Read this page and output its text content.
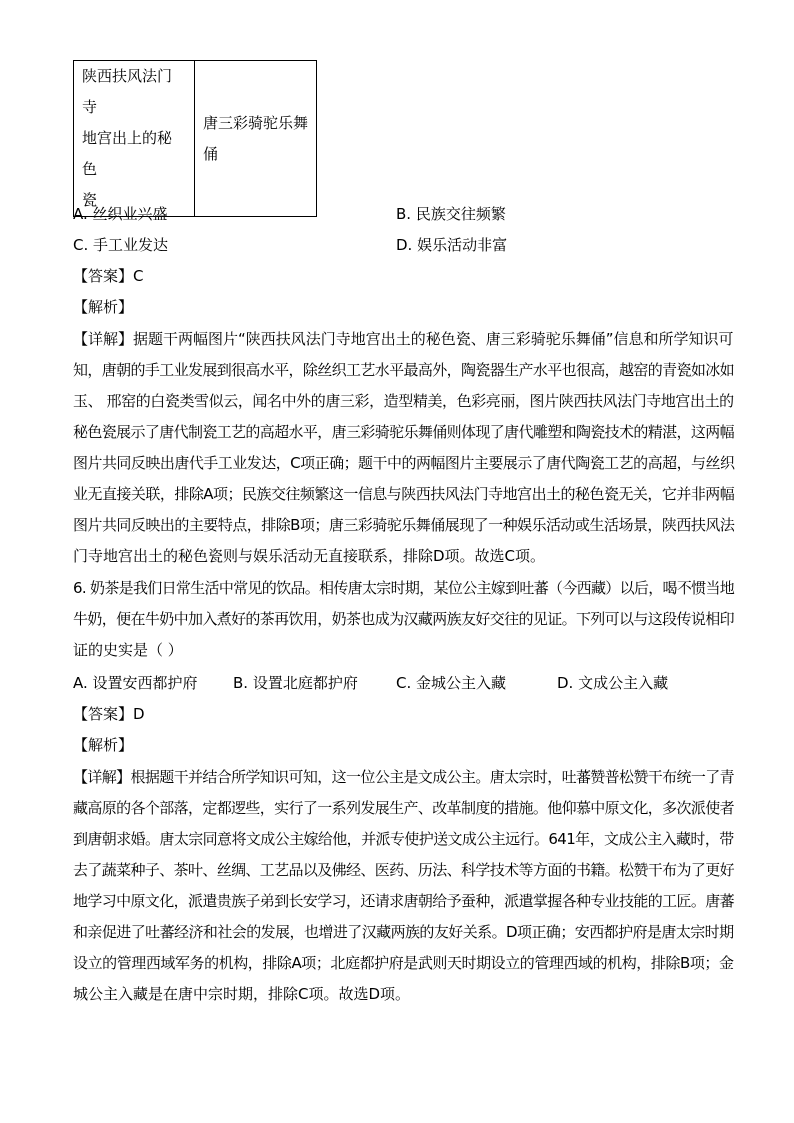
陕西扶风法门寺
地宫出上的秘色
瓷

唐三彩骑驼乐舞
俑
A. 丝织业兴盛	B. 民族交往频繁
C. 手工业发达	D. 娱乐活动非富
【答案】C
【解析】
【详解】据题干两幅图片“陕西扶风法门寺地宫出土的秘色瓷、唐三彩骑驼乐舞俑”信息和所学知识可
知，唐朝的手工业发展到很高水平，除丝织工艺水平最高外，陶瓷器生产水平也很高，越窑的青瓷如冰如
玉、 邢窑的白瓷类雪似云，闻名中外的唐三彩，造型精美，色彩亮丽，图片陕西扶风法门寺地宫出土的
秘色瓷展示了唐代制瓷工艺的高超水平，唐三彩骑驼乐舞俑则体现了唐代雕塑和陶瓷技术的精湛，这两幅
图片共同反映出唐代手工业发达，C项正确；题干中的两幅图片主要展示了唐代陶瓷工艺的高超，与丝织
业无直接关联，排除A项；民族交往频繁这一信息与陕西扶风法门寺地宫出土的秘色瓷无关，它并非两幅
图片共同反映出的主要特点，排除B项；唐三彩骑驼乐舞俑展现了一种娱乐活动或生活场景，陕西扶风法
门寺地宫出土的秘色瓷则与娱乐活动无直接联系，排除D项。故选C项。
6. 奶茶是我们日常生活中常见的饮品。相传唐太宗时期，某位公主嫁到吐蕃（今西藏）以后，喝不惯当地
牛奶，便在牛奶中加入煮好的茶再饮用，奶茶也成为汉藏两族友好交往的见证。下列可以与这段传说相印
证的史实是（ ）
A. 设置安西都护府 B. 设置北庭都护府	C. 金城公主入藏	D. 文成公主入藏
【答案】D
【解析】
【详解】根据题干并结合所学知识可知，这一位公主是文成公主。唐太宗时，吐蕃赞普松赞干布统一了青
藏高原的各个部落，定都逻些，实行了一系列发展生产、改革制度的措施。他仰慕中原文化，多次派使者
到唐朝求婚。唐太宗同意将文成公主嫁给他，并派专使护送文成公主远行。641年，文成公主入藏时，带
去了蔬菜种子、茶叶、丝绸、工艺品以及佛经、医药、历法、科学技术等方面的书籍。松赞干布为了更好
地学习中原文化，派遣贵族子弟到长安学习，还请求唐朝给予蚕种，派遣掌握各种专业技能的工匠。唐蕃
和亲促进了吐蕃经济和社会的发展，也增进了汉藏两族的友好关系。D项正确；安西都护府是唐太宗时期
设立的管理西域军务的机构，排除A项；北庭都护府是武则天时期设立的管理西域的机构，排除B项；金
城公主入藏是在唐中宗时期，排除C项。故选D项。
